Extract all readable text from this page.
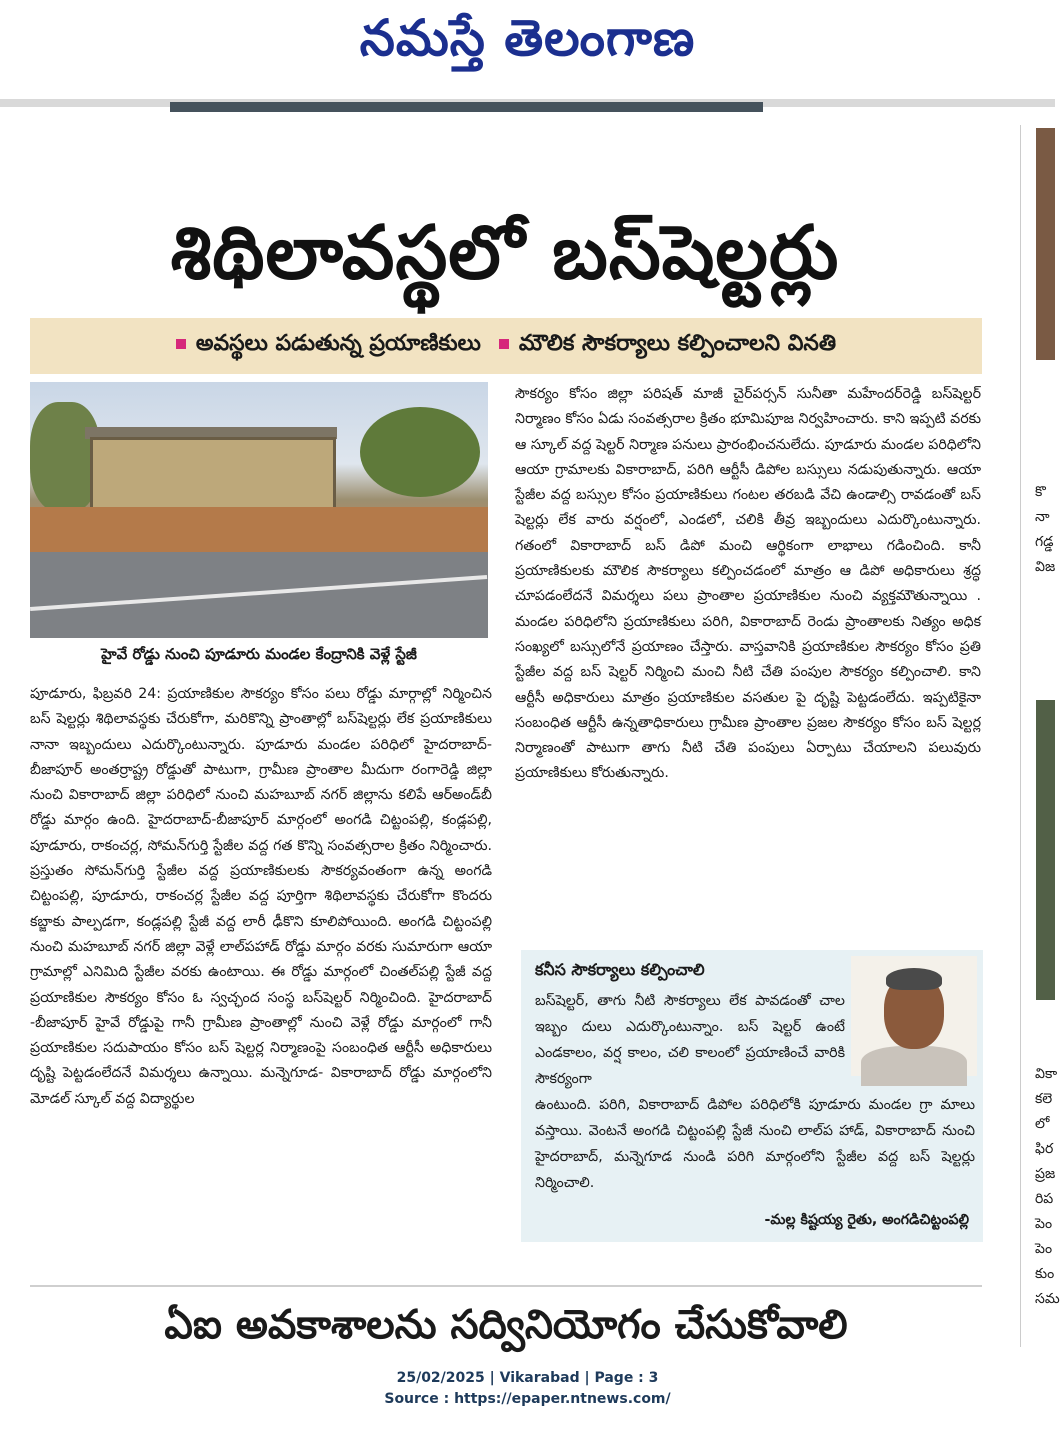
నమస్తే తెలంగాణ
శిథిలావస్థలో బస్‌షెల్టర్లు
అవస్థలు పడుతున్న ప్రయాణికులు	మౌలిక సౌకర్యాలు కల్పించాలని వినతి
హైవే రోడ్డు నుంచి పూడూరు మండల కేంద్రానికి వెళ్లే స్టేజీ

పూడూరు, ఫిబ్రవరి 24: ప్రయాణికుల సౌకర్యం కోసం పలు రోడ్డు మార్గాల్లో నిర్మించిన బస్ షెల్టర్లు శిథిలావస్థకు చేరుకోగా, మరికొన్ని ప్రాంతాల్లో బస్‌షెల్టర్లు లేక ప్రయాణికులు నానా ఇబ్బందులు ఎదుర్కొంటున్నారు. పూడూరు మండల పరిధిలో హైదరాబాద్-బీజాపూర్ అంతర్రాష్ట్ర రోడ్డుతో పాటుగా, గ్రామీణ ప్రాంతాల మీదుగా రంగారెడ్డి జిల్లా నుంచి వికారాబాద్ జిల్లా పరిధిలో నుంచి మహబూబ్ నగర్ జిల్లాను కలిపే ఆర్అండ్‌బీ రోడ్డు మార్గం ఉంది. హైదరాబాద్-బీజాపూర్ మార్గంలో అంగడి చిట్టంపల్లి, కండ్లపల్లి, పూడూరు, రాకంచర్ల, సోమన్‌గుర్తి స్టేజీల వద్ద గత కొన్ని సంవత్సరాల క్రితం నిర్మించారు. ప్రస్తుతం సోమన్‌గుర్తి స్టేజీల వద్ద ప్రయాణికులకు సౌకర్యవంతంగా ఉన్న అంగడి చిట్టంపల్లి, పూడూరు, రాకంచర్ల స్టేజీల వద్ద పూర్తిగా శిథిలావస్థకు చేరుకోగా కొందరు కబ్జాకు పాల్పడగా, కండ్లపల్లి స్టేజీ వద్ద లారీ ఢీకొని కూలిపోయింది. అంగడి చిట్టంపల్లి నుంచి మహబూబ్ నగర్ జిల్లా వెళ్లే లాల్‌పహాడ్ రోడ్డు మార్గం వరకు సుమారుగా ఆయా గ్రామాల్లో ఎనిమిది స్టేజీల వరకు ఉంటాయి. ఈ రోడ్డు మార్గంలో చింతల్‌పల్లి స్టేజీ వద్ద ప్రయాణికుల సౌకర్యం కోసం ఓ స్వచ్ఛంద సంస్థ బస్‌షెల్టర్ నిర్మించింది. హైదరాబాద్ -బీజాపూర్ హైవే రోడ్డుపై గానీ గ్రామీణ ప్రాంతాల్లో నుంచి వెళ్లే రోడ్డు మార్గంలో గానీ ప్రయాణికుల సదుపాయం కోసం బస్ షెల్టర్ల నిర్మాణంపై సంబంధిత ఆర్టీసీ అధికారులు దృష్టి పెట్టడంలేదనే విమర్శలు ఉన్నాయి. మన్నెగూడ- వికారాబాద్ రోడ్డు మార్గంలోని మోడల్ స్కూల్ వద్ద విద్యార్థుల

సౌకర్యం కోసం జిల్లా పరిషత్ మాజీ చైర్‌పర్సన్ సునీతా మహేందర్‌రెడ్డి బస్‌షెల్టర్ నిర్మాణం కోసం ఏడు సంవత్సరాల క్రితం భూమిపూజ నిర్వహించారు. కాని ఇప్పటి వరకు ఆ స్కూల్ వద్ద షెల్టర్ నిర్మాణ పనులు ప్రారంభించనులేదు. పూడూరు మండల పరిధిలోని ఆయా గ్రామాలకు వికారాబాద్, పరిగి ఆర్టీసీ డిపోల బస్సులు నడుపుతున్నారు. ఆయా స్టేజీల వద్ద బస్సుల కోసం ప్రయాణికులు గంటల తరబడి వేచి ఉండాల్సి రావడంతో బస్ షెల్టర్లు లేక వారు వర్షంలో, ఎండలో, చలికి తీవ్ర ఇబ్బందులు ఎదుర్కొంటున్నారు. గతంలో వికారాబాద్ బస్ డిపో మంచి ఆర్థికంగా లాభాలు గడించింది. కానీ ప్రయాణికులకు మౌలిక సౌకర్యాలు కల్పించడంలో మాత్రం ఆ డిపో అధికారులు శ్రద్ధ చూపడంలేదనే విమర్శలు పలు ప్రాంతాల ప్రయాణికుల నుంచి వ్యక్తమౌతున్నాయి . మండల పరిధిలోని ప్రయాణికులు పరిగి, వికారాబాద్ రెండు ప్రాంతాలకు నిత్యం అధిక సంఖ్యలో బస్సులోనే ప్రయాణం చేస్తారు. వాస్తవానికి ప్రయాణికుల సౌకర్యం కోసం ప్రతి స్టేజీల వద్ద బస్ షెల్టర్ నిర్మించి మంచి నీటి చేతి పంపుల సౌకర్యం కల్పించాలి. కాని ఆర్టీసీ అధికారులు మాత్రం ప్రయాణికుల వసతుల పై దృష్టి పెట్టడంలేదు. ఇప్పటికైనా సంబంధిత ఆర్టీసీ ఉన్నతాధికారులు గ్రామీణ ప్రాంతాల ప్రజల సౌకర్యం కోసం బస్ షెల్టర్ల నిర్మాణంతో పాటుగా తాగు నీటి చేతి పంపులు ఏర్పాటు చేయాలని పలువురు ప్రయాణికులు కోరుతున్నారు.

కనీస సౌకర్యాలు కల్పించాలి
బస్‌షెల్టర్, తాగు నీటి సౌకర్యాలు లేక పావడంతో చాల ఇబ్బం దులు ఎదుర్కొంటున్నాం. బస్ షెల్టర్ ఉంటే ఎండకాలం, వర్ష కాలం, చలి కాలంలో ప్రయాణించే వారికి సౌకర్యంగా
ఉంటుంది. పరిగి, వికారాబాద్ డిపోల పరిధిలోకి పూడూరు మండల గ్రా మాలు వస్తాయి. వెంటనే అంగడి చిట్టంపల్లి స్టేజీ నుంచి లాల్‌ప హాడ్, వికారాబాద్ నుంచి హైదరాబాద్, మన్నెగూడ నుండి పరిగి మార్గంలోని స్టేజీల వద్ద బస్ షెల్టర్లు నిర్మించాలి.
-మల్ల కిష్టయ్య రైతు, అంగడిచిట్టంపల్లి
ఏఐ అవకాశాలను సద్వినియోగం చేసుకోవాలి
కొ
నా
గడ్డ
విజ
వికా
కలె
లో
ఫిర
ప్రజ
రిప
పెం
పెం
కుం
సమ
25/02/2025 | Vikarabad | Page : 3
Source : https://epaper.ntnews.com/
